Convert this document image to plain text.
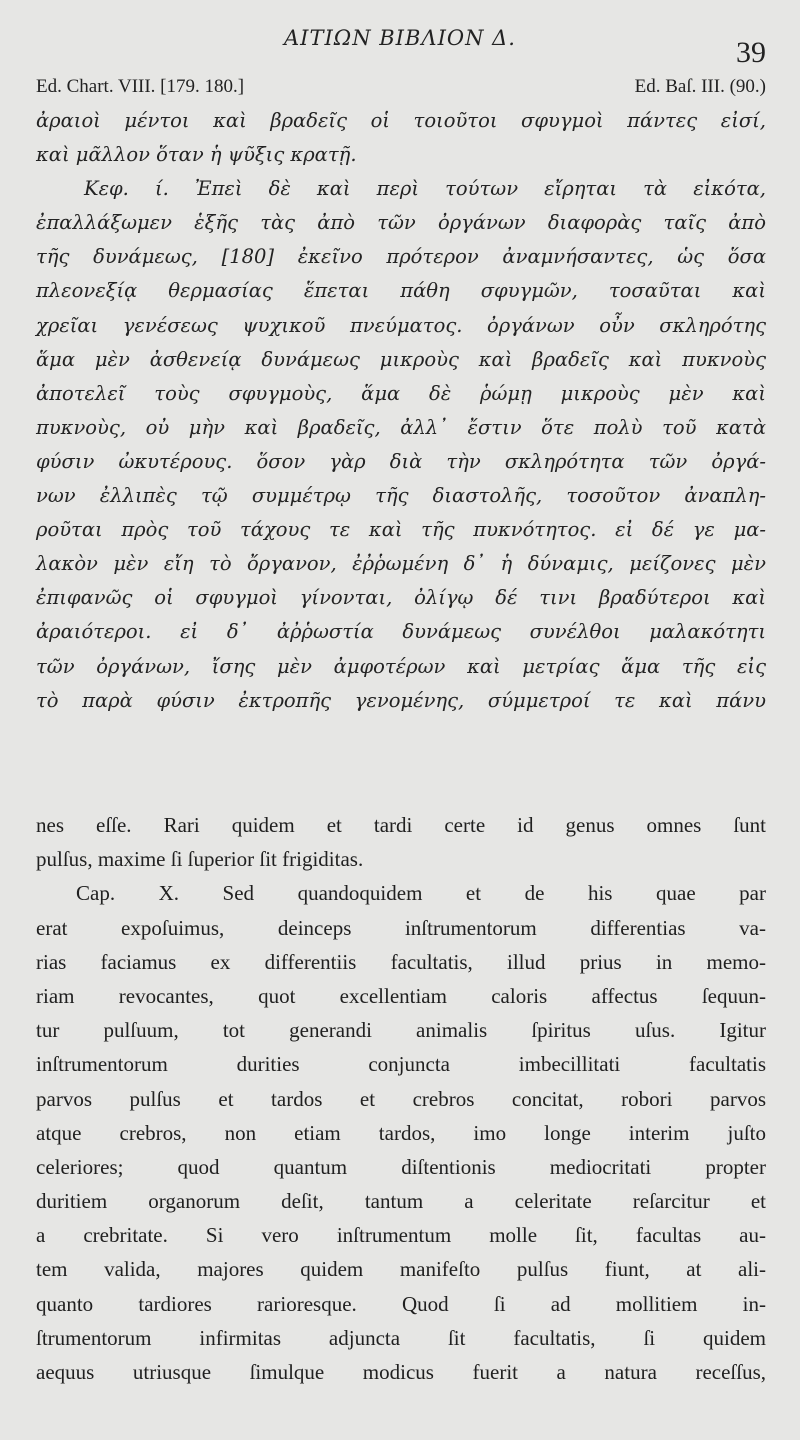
ΑΙΤΙΩΝ ΒΙΒΛΙΟΝ Δ.	39
Ed. Chart. VIII. [179. 180.]	Ed. Baſ. III. (90.)
ἀραιοὶ μέντοι καὶ βραδεῖς οἱ τοιοῦτοι σφυγμοὶ πάντες εἰσί,
καὶ μᾶλλον ὅταν ἡ ψῦξις κρατῇ.
Κεφ. ί. Ἐπεὶ δὲ καὶ περὶ τούτων εἴρηται τὰ εἰκότα,
ἐπαλλάξωμεν ἑξῆς τὰς ἀπὸ τῶν ὀργάνων διαφορὰς ταῖς ἀπὸ
τῆς δυνάμεως, [180] ἐκεῖνο πρότερον ἀναμνήσαντες, ὡς ὅσα
πλεονεξίᾳ θερμασίας ἕπεται πάθη σφυγμῶν, τοσαῦται καὶ
χρεῖαι γενέσεως ψυχικοῦ πνεύματος. ὀργάνων οὖν σκληρότης
ἅμα μὲν ἀσθενείᾳ δυνάμεως μικροὺς καὶ βραδεῖς καὶ πυκνοὺς
ἀποτελεῖ τοὺς σφυγμοὺς, ἅμα δὲ ῥώμῃ μικροὺς μὲν καὶ
πυκνοὺς, οὐ μὴν καὶ βραδεῖς, ἀλλ᾿ ἔστιν ὅτε πολὺ τοῦ κατὰ
φύσιν ὠκυτέρους. ὅσον γὰρ διὰ τὴν σκληρότητα τῶν ὀργά-
νων ἐλλιπὲς τῷ συμμέτρῳ τῆς διαστολῆς, τοσοῦτον ἀναπλη-
ροῦται πρὸς τοῦ τάχους τε καὶ τῆς πυκνότητος. εἰ δέ γε μα-
λακὸν μὲν εἴη τὸ ὄργανον, ἐῤῥωμένη δ᾿ ἡ δύναμις, μείζονες μὲν
ἐπιφανῶς οἱ σφυγμοὶ γίνονται, ὀλίγῳ δέ τινι βραδύτεροι καὶ
ἀραιότεροι. εἰ δ᾿ ἀῤῥωστία δυνάμεως συνέλθοι μαλακότητι
τῶν ὀργάνων, ἴσης μὲν ἀμφοτέρων καὶ μετρίας ἅμα τῆς εἰς
τὸ παρὰ φύσιν ἐκτροπῆς γενομένης, σύμμετροί τε καὶ πάνυ
nes eſſe. Rari quidem et tardi certe id genus omnes ſunt
pulſus, maxime ſi ſuperior ſit frigiditas.
Cap. X. Sed quandoquidem et de his quae par
erat expoſuimus, deinceps inſtrumentorum differentias va-
rias faciamus ex differentiis facultatis, illud prius in memo-
riam revocantes, quot excellentiam caloris affectus ſequun-
tur pulſuum, tot generandi animalis ſpiritus uſus. Igitur
inſtrumentorum durities conjuncta imbecillitati facultatis
parvos pulſus et tardos et crebros concitat, robori parvos
atque crebros, non etiam tardos, imo longe interim juſto
celeriores; quod quantum diſtentionis mediocritati propter
duritiem organorum deſit, tantum a celeritate reſarcitur et
a crebritate. Si vero inſtrumentum molle ſit, facultas au-
tem valida, majores quidem manifeſto pulſus fiunt, at ali-
quanto tardiores rarioresque. Quod ſi ad mollitiem in-
ſtrumentorum infirmitas adjuncta ſit facultatis, ſi quidem
aequus utriusque ſimulque modicus fuerit a natura receſſus,
